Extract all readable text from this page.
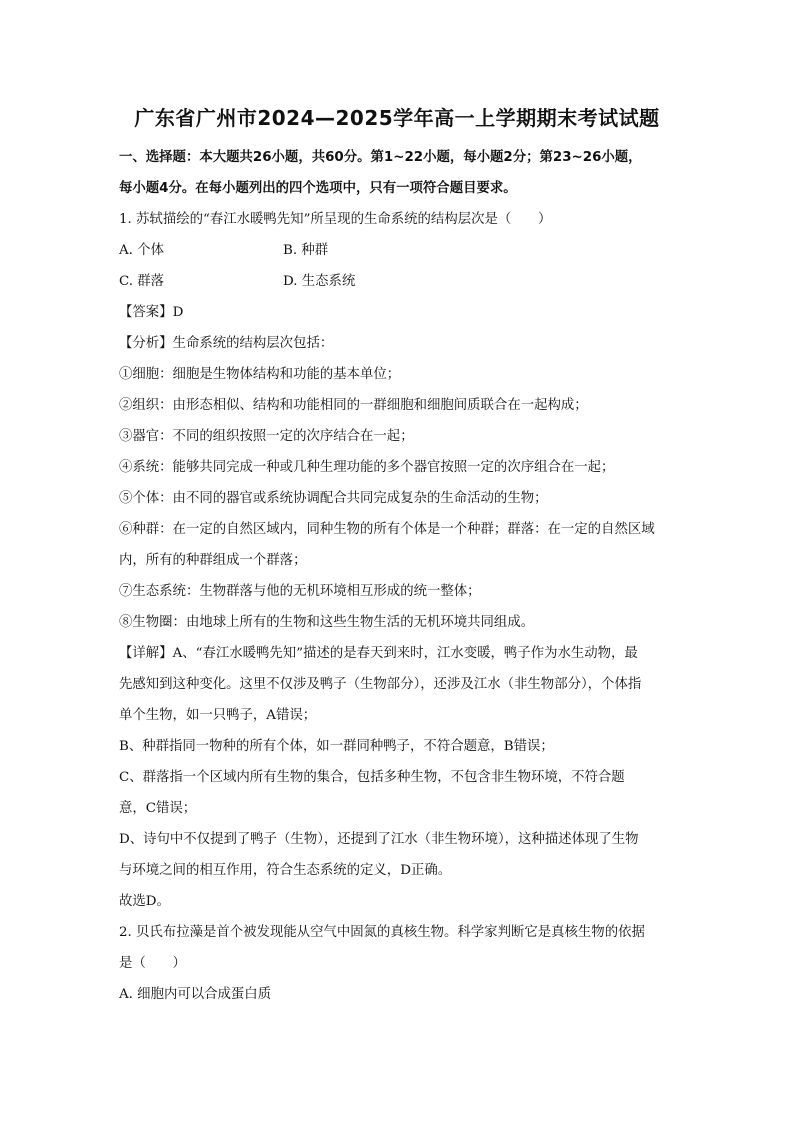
广东省广州市2024—2025学年高一上学期期末考试试题
一、选择题：本大题共26小题，共60分。第1~22小题，每小题2分；第23~26小题，
每小题4分。在每小题列出的四个选项中，只有一项符合题目要求。
1. 苏轼描绘的“春江水暖鸭先知”所呈现的生命系统的结构层次是（　　）
A. 个体	B. 种群
C. 群落	D. 生态系统
【答案】D
【分析】生命系统的结构层次包括：
①细胞：细胞是生物体结构和功能的基本单位；
②组织：由形态相似、结构和功能相同的一群细胞和细胞间质联合在一起构成；
③器官：不同的组织按照一定的次序结合在一起；
④系统：能够共同完成一种或几种生理功能的多个器官按照一定的次序组合在一起；
⑤个体：由不同的器官或系统协调配合共同完成复杂的生命活动的生物；
⑥种群：在一定的自然区域内，同种生物的所有个体是一个种群；群落：在一定的自然区域
内，所有的种群组成一个群落；
⑦生态系统：生物群落与他的无机环境相互形成的统一整体；
⑧生物圈：由地球上所有的生物和这些生物生活的无机环境共同组成。
【详解】A、“春江水暖鸭先知”描述的是春天到来时，江水变暖，鸭子作为水生动物，最
先感知到这种变化。这里不仅涉及鸭子（生物部分），还涉及江水（非生物部分），个体指
单个生物，如一只鸭子，A错误；
B、种群指同一物种的所有个体，如一群同种鸭子，不符合题意，B错误；
C、群落指一个区域内所有生物的集合，包括多种生物，不包含非生物环境，不符合题
意，C错误；
D、诗句中不仅提到了鸭子（生物），还提到了江水（非生物环境），这种描述体现了生物
与环境之间的相互作用，符合生态系统的定义，D正确。
故选D。
2. 贝氏布拉藻是首个被发现能从空气中固氮的真核生物。科学家判断它是真核生物的依据
是（　　）
A. 细胞内可以合成蛋白质
